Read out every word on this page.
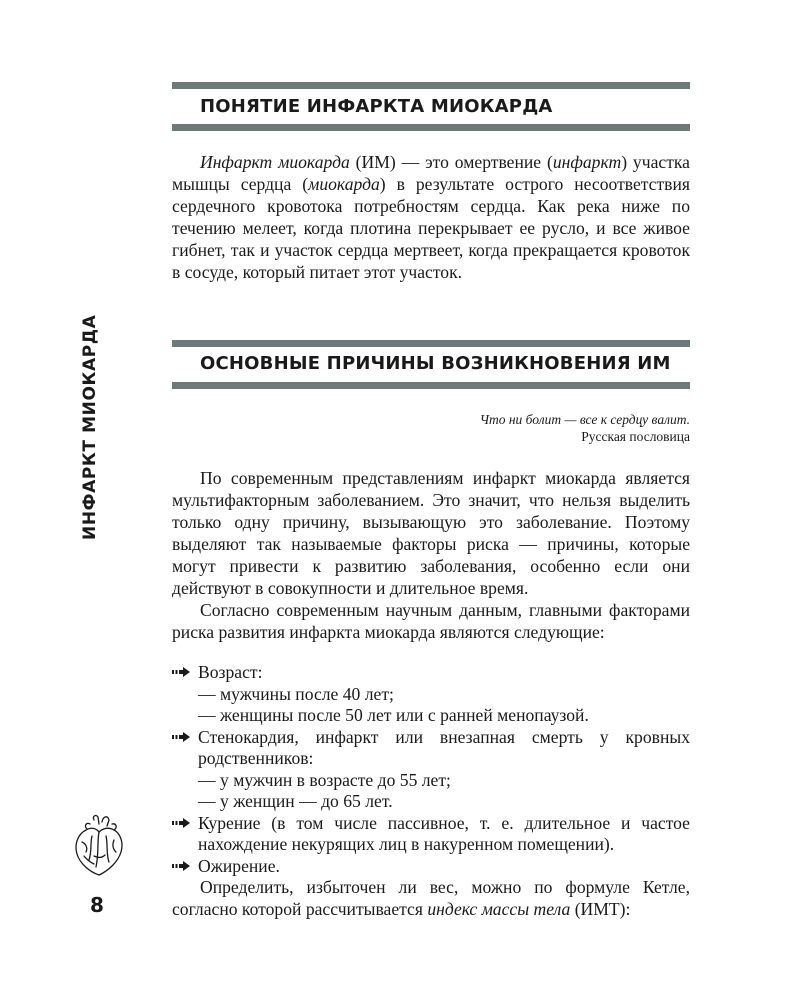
ИНФАРКТ МИОКАРДА
ПОНЯТИЕ ИНФАРКТА МИОКАРДА

Инфаркт миокарда (ИМ) — это омертвение (инфаркт) участка мышцы сердца (миокарда) в результате острого несоответствия сердечного кровотока потребностям сердца. Как река ниже по течению мелеет, когда плотина перекрывает ее русло, и все живое гибнет, так и участок сердца мертвеет, когда прекращается кровоток в сосуде, который питает этот участок.

ОСНОВНЫЕ ПРИЧИНЫ ВОЗНИКНОВЕНИЯ ИМ
Что ни болит — все к сердцу валит.
Русская пословица

По современным представлениям инфаркт миокарда является мультифакторным заболеванием. Это значит, что нельзя выделить только одну причину, вызывающую это заболевание. Поэтому выделяют так называемые факторы риска — причины, которые могут привести к развитию заболевания, особенно если они действуют в совокупности и длительное время.

Согласно современным научным данным, главными факторами риска развития инфаркта миокарда являются следующие:

Возраст:
— мужчины после 40 лет;
— женщины после 50 лет или с ранней менопаузой.
Стенокардия, инфаркт или внезапная смерть у кровных родственников:
— у мужчин в возрасте до 55 лет;
— у женщин — до 65 лет.
Курение (в том числе пассивное, т. е. длительное и частое нахождение некурящих лиц в накуренном помещении).
Ожирение.

Определить, избыточен ли вес, можно по формуле Кетле, согласно которой рассчитывается индекс массы тела (ИМТ):

8
